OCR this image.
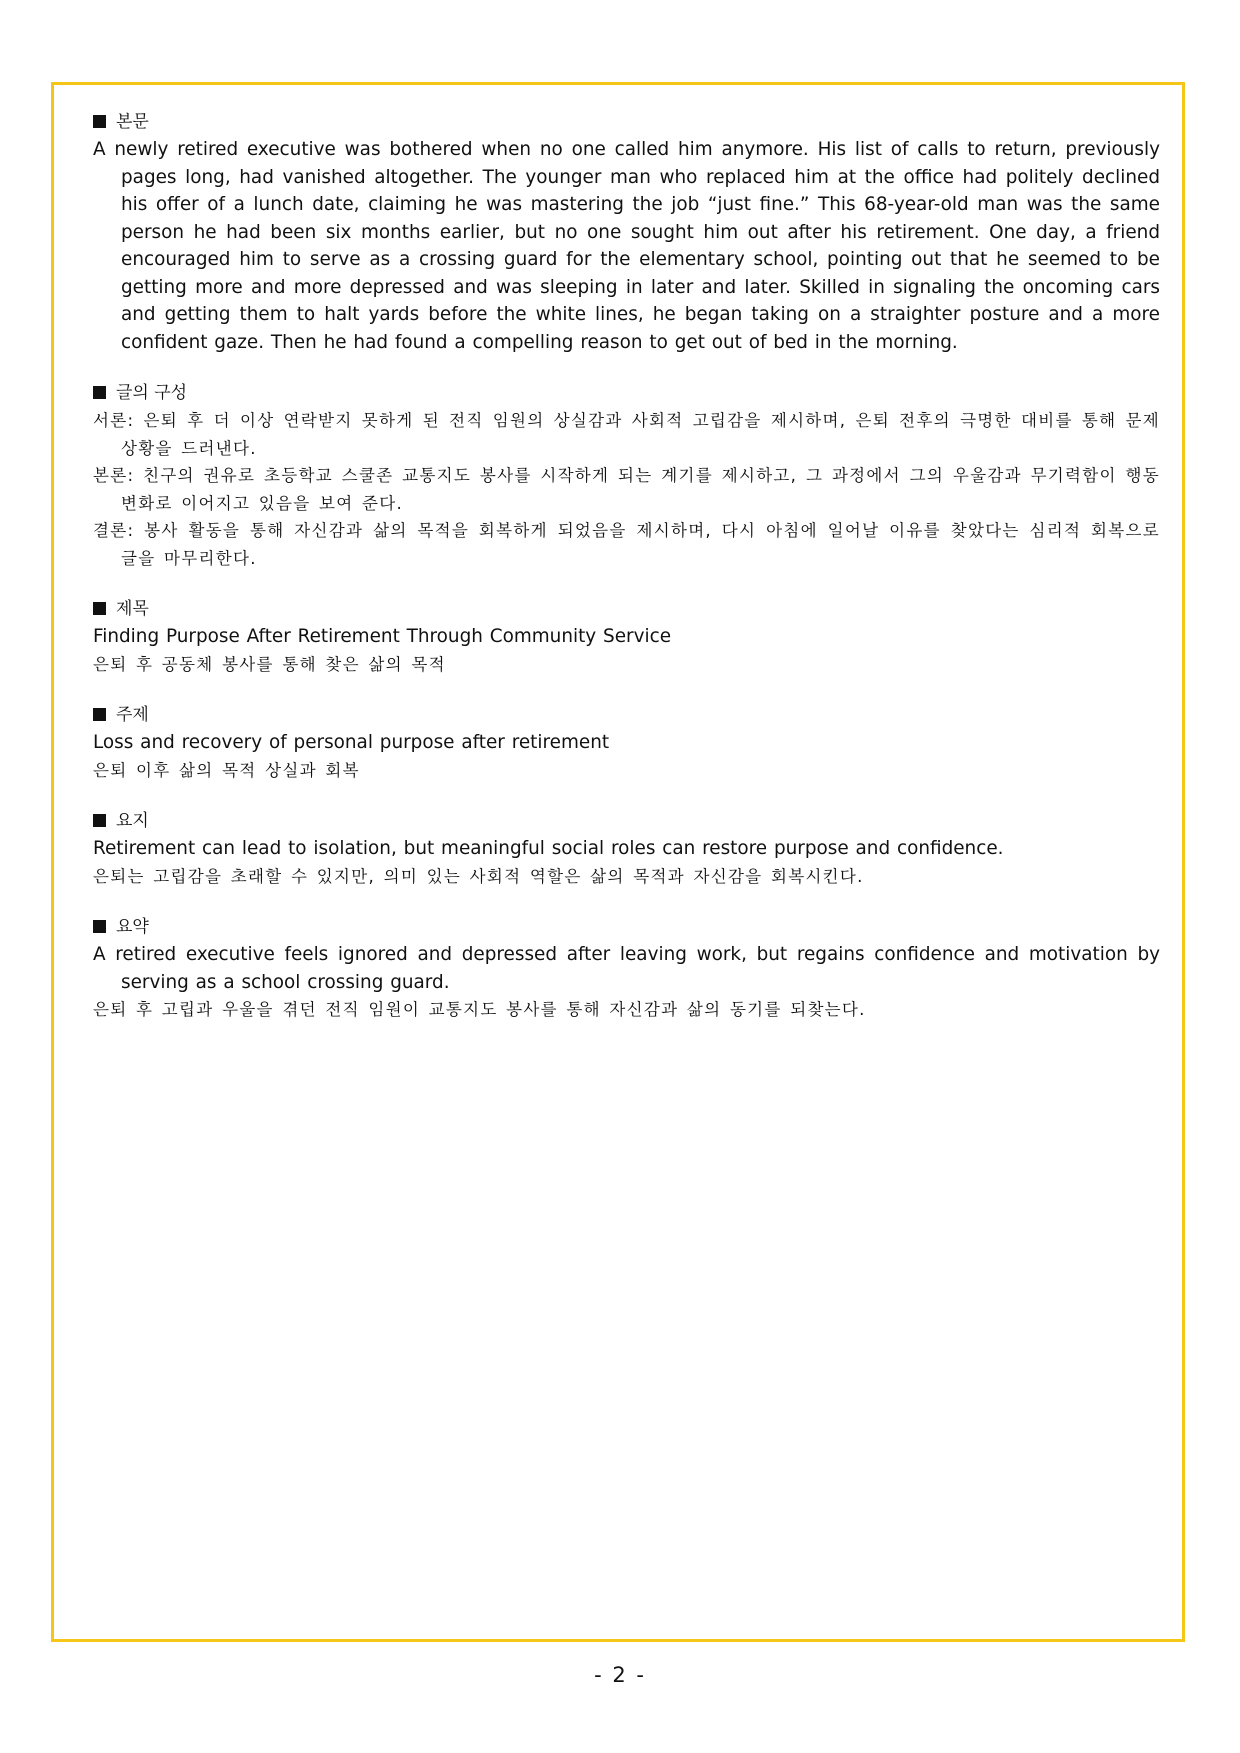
본문
A newly retired executive was bothered when no one called him anymore. His list of calls to return, previously pages long, had vanished altogether. The younger man who replaced him at the office had politely declined his offer of a lunch date, claiming he was mastering the job “just fine.” This 68-year-old man was the same person he had been six months earlier, but no one sought him out after his retirement. One day, a friend encouraged him to serve as a crossing guard for the elementary school, pointing out that he seemed to be getting more and more depressed and was sleeping in later and later. Skilled in signaling the oncoming cars and getting them to halt yards before the white lines, he began taking on a straighter posture and a more confident gaze. Then he had found a compelling reason to get out of bed in the morning.
글의 구성
서론: 은퇴 후 더 이상 연락받지 못하게 된 전직 임원의 상실감과 사회적 고립감을 제시하며, 은퇴 전후의 극명한 대비를 통해 문제 상황을 드러낸다.
본론: 친구의 권유로 초등학교 스쿨존 교통지도 봉사를 시작하게 되는 계기를 제시하고, 그 과정에서 그의 우울감과 무기력함이 행동 변화로 이어지고 있음을 보여 준다.
결론: 봉사 활동을 통해 자신감과 삶의 목적을 회복하게 되었음을 제시하며, 다시 아침에 일어날 이유를 찾았다는 심리적 회복으로 글을 마무리한다.
제목
Finding Purpose After Retirement Through Community Service
은퇴 후 공동체 봉사를 통해 찾은 삶의 목적
주제
Loss and recovery of personal purpose after retirement
은퇴 이후 삶의 목적 상실과 회복
요지
Retirement can lead to isolation, but meaningful social roles can restore purpose and confidence.
은퇴는 고립감을 초래할 수 있지만, 의미 있는 사회적 역할은 삶의 목적과 자신감을 회복시킨다.
요약
A retired executive feels ignored and depressed after leaving work, but regains confidence and motivation by serving as a school crossing guard.
은퇴 후 고립과 우울을 겪던 전직 임원이 교통지도 봉사를 통해 자신감과 삶의 동기를 되찾는다.
- 2 -
